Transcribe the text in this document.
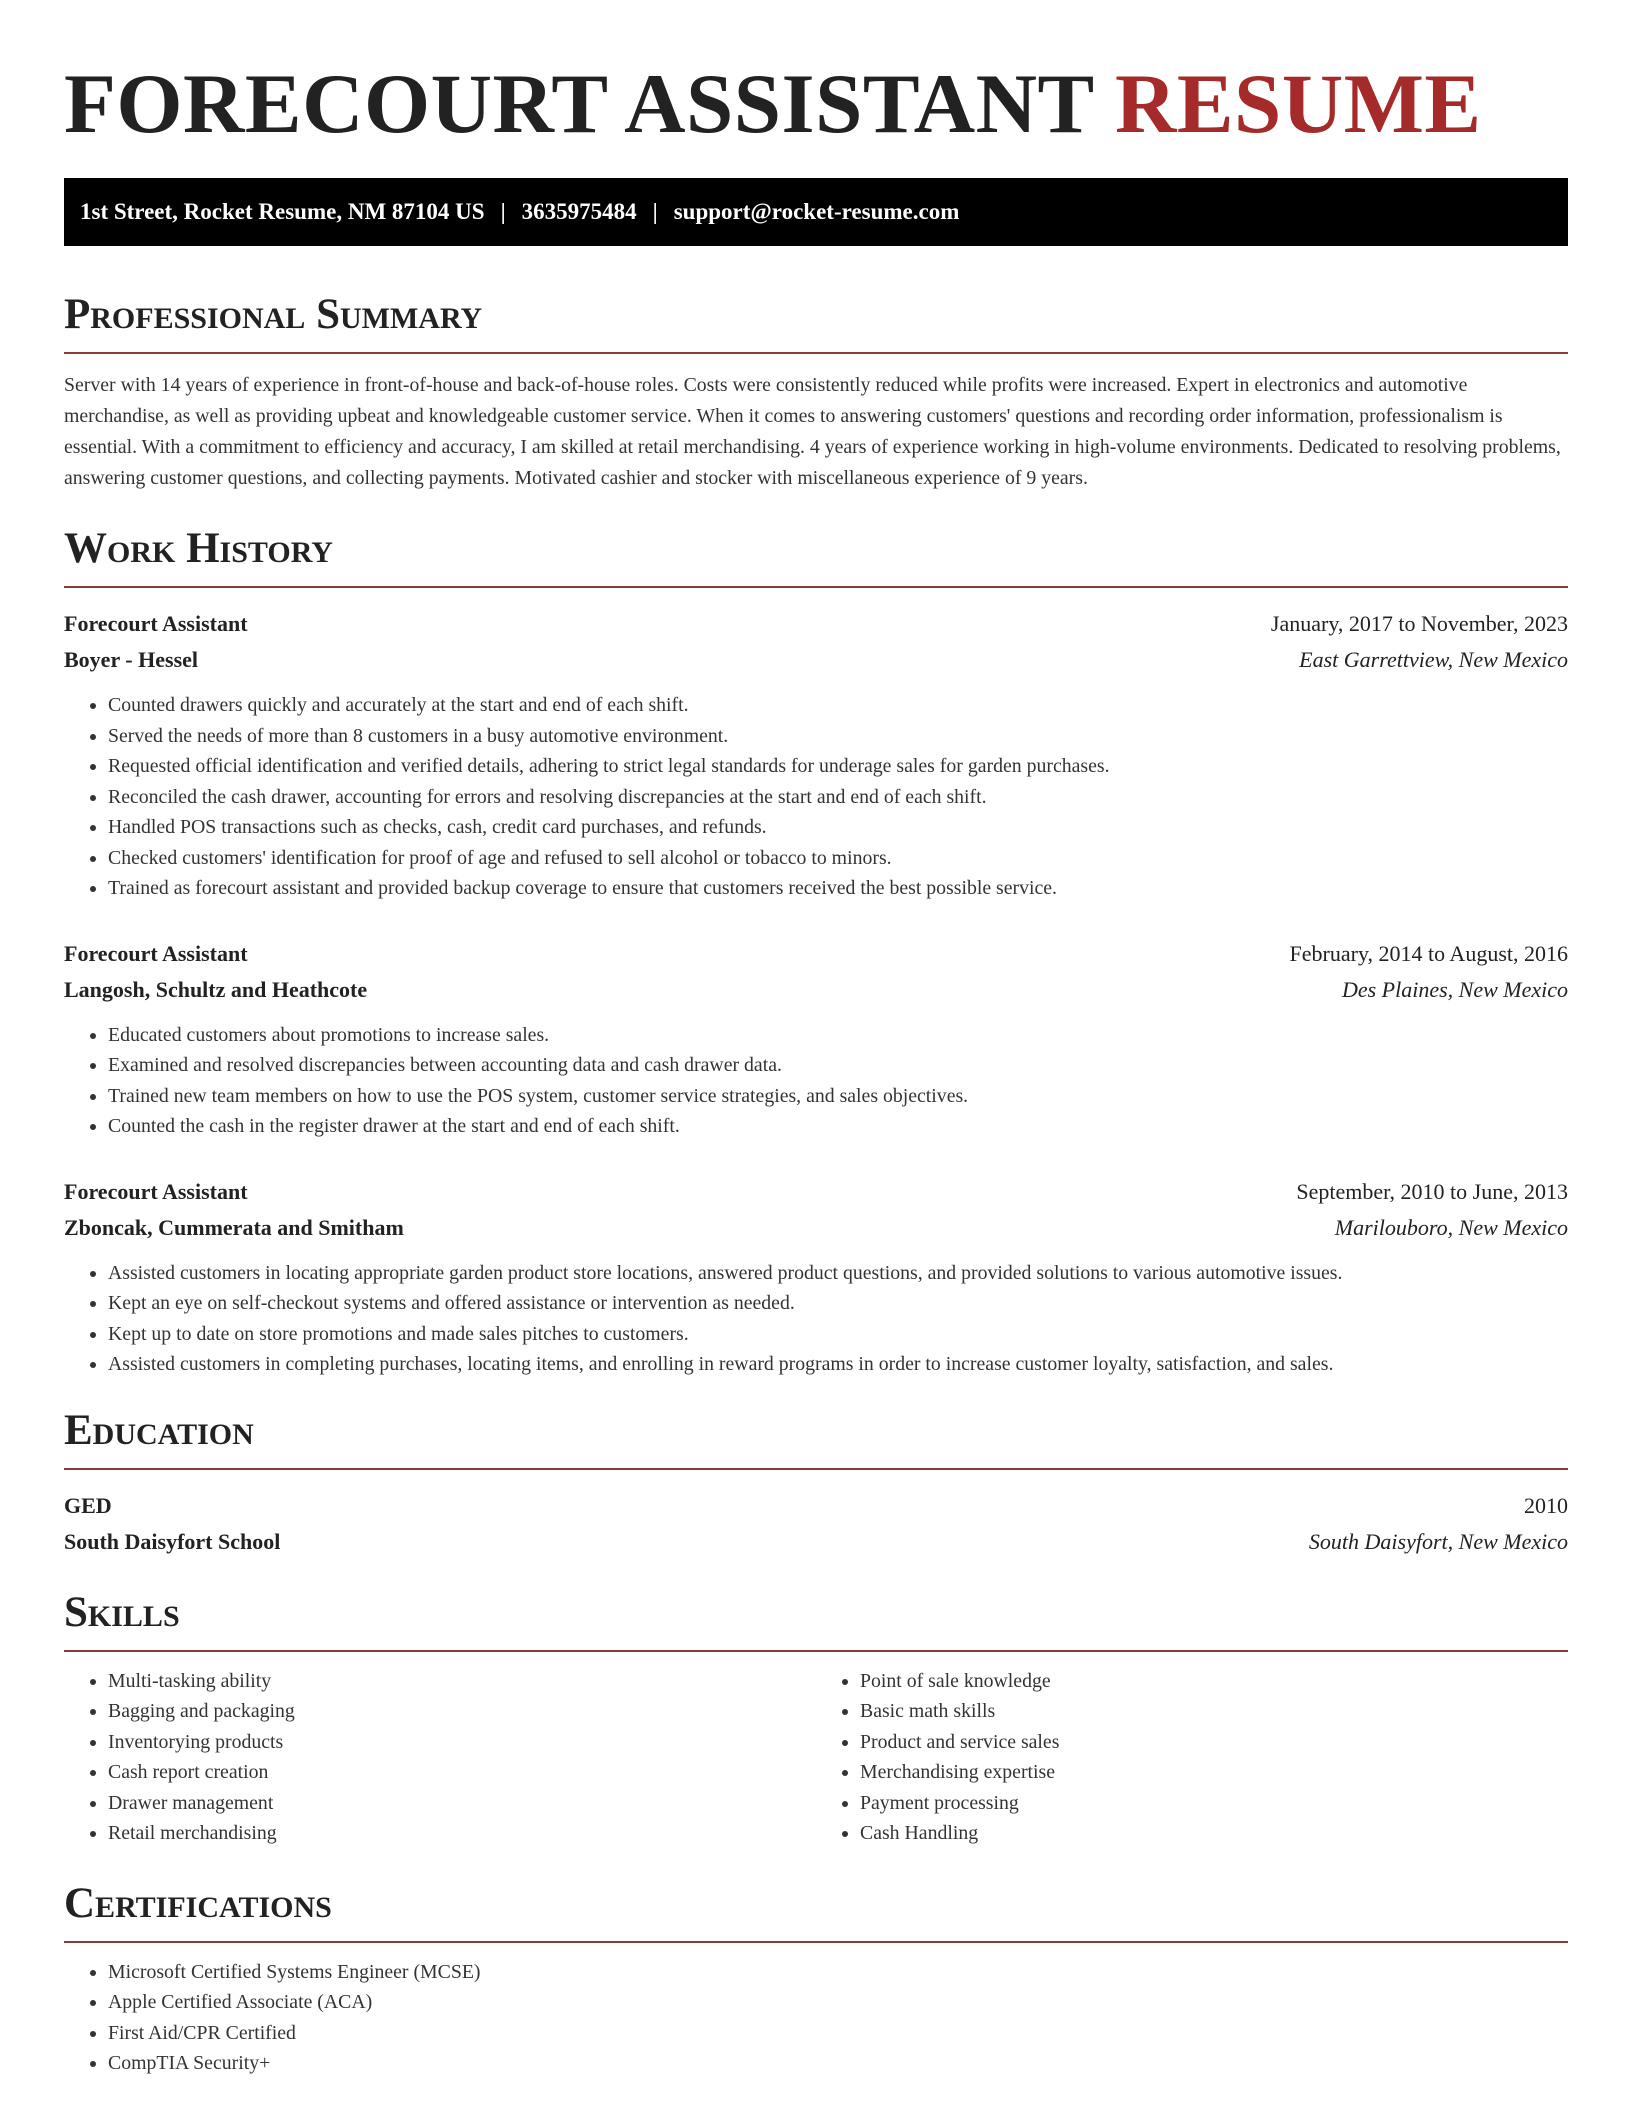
FORECOURT ASSISTANT RESUME
1st Street, Rocket Resume, NM 87104 US | 3635975484 | support@rocket-resume.com
Professional Summary

Server with 14 years of experience in front-of-house and back-of-house roles. Costs were consistently reduced while profits were increased. Expert in electronics and automotive merchandise, as well as providing upbeat and knowledgeable customer service. When it comes to answering customers' questions and recording order information, professionalism is essential. With a commitment to efficiency and accuracy, I am skilled at retail merchandising. 4 years of experience working in high-volume environments. Dedicated to resolving problems, answering customer questions, and collecting payments. Motivated cashier and stocker with miscellaneous experience of 9 years.

Work History
Forecourt Assistant	January, 2017 to November, 2023
Boyer - Hessel	East Garrettview, New Mexico
• Counted drawers quickly and accurately at the start and end of each shift.
• Served the needs of more than 8 customers in a busy automotive environment.
• Requested official identification and verified details, adhering to strict legal standards for underage sales for garden purchases.
• Reconciled the cash drawer, accounting for errors and resolving discrepancies at the start and end of each shift.
• Handled POS transactions such as checks, cash, credit card purchases, and refunds.
• Checked customers' identification for proof of age and refused to sell alcohol or tobacco to minors.
• Trained as forecourt assistant and provided backup coverage to ensure that customers received the best possible service.
Forecourt Assistant	February, 2014 to August, 2016
Langosh, Schultz and Heathcote	Des Plaines, New Mexico
• Educated customers about promotions to increase sales.
• Examined and resolved discrepancies between accounting data and cash drawer data.
• Trained new team members on how to use the POS system, customer service strategies, and sales objectives.
• Counted the cash in the register drawer at the start and end of each shift.
Forecourt Assistant	September, 2010 to June, 2013
Zboncak, Cummerata and Smitham	Marilouboro, New Mexico
• Assisted customers in locating appropriate garden product store locations, answered product questions, and provided solutions to various automotive issues.
• Kept an eye on self-checkout systems and offered assistance or intervention as needed.
• Kept up to date on store promotions and made sales pitches to customers.
• Assisted customers in completing purchases, locating items, and enrolling in reward programs in order to increase customer loyalty, satisfaction, and sales.
Education
GED	2010
South Daisyfort School	South Daisyfort, New Mexico
Skills
• Multi-tasking ability
• Bagging and packaging
• Inventorying products
• Cash report creation
• Drawer management
• Retail merchandising
• Point of sale knowledge
• Basic math skills
• Product and service sales
• Merchandising expertise
• Payment processing
• Cash Handling
Certifications
• Microsoft Certified Systems Engineer (MCSE)
• Apple Certified Associate (ACA)
• First Aid/CPR Certified
• CompTIA Security+
